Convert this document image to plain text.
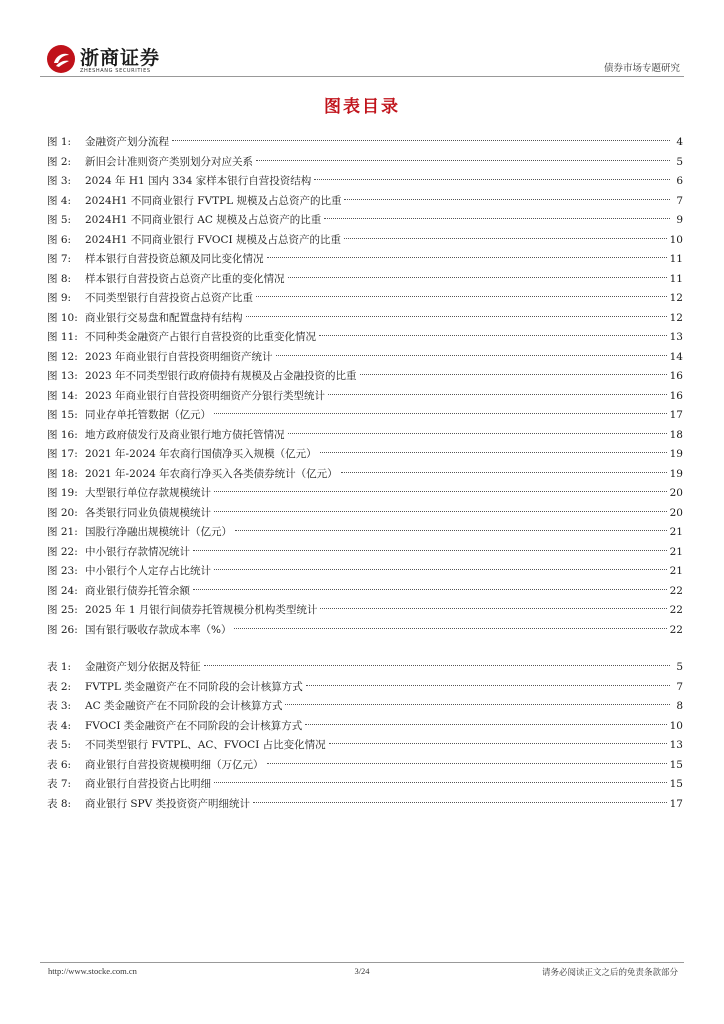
浙商证券
ZHESHANG SECURITIES	债券市场专题研究
图表目录
图 1:	金融资产划分流程	4
图 2:	新旧会计准则资产类别划分对应关系	5
图 3:	2024 年 H1 国内 334 家样本银行自营投资结构	6
图 4:	2024H1 不同商业银行 FVTPL 规模及占总资产的比重	7
图 5:	2024H1 不同商业银行 AC 规模及占总资产的比重	9
图 6:	2024H1 不同商业银行 FVOCI 规模及占总资产的比重	10
图 7:	样本银行自营投资总额及同比变化情况	11
图 8:	样本银行自营投资占总资产比重的变化情况	11
图 9:	不同类型银行自营投资占总资产比重	12
图 10: 商业银行交易盘和配置盘持有结构	12
图 11: 不同种类金融资产占银行自营投资的比重变化情况	13
图 12: 2023 年商业银行自营投资明细资产统计	14
图 13: 2023 年不同类型银行政府债持有规模及占金融投资的比重	16
图 14: 2023 年商业银行自营投资明细资产分银行类型统计	16
图 15: 同业存单托管数据（亿元）	17
图 16: 地方政府债发行及商业银行地方债托管情况	18
图 17: 2021 年-2024 年农商行国债净买入规模（亿元）	19
图 18: 2021 年-2024 年农商行净买入各类债券统计（亿元）	19
图 19: 大型银行单位存款规模统计	20
图 20: 各类银行同业负债规模统计	20
图 21: 国股行净融出规模统计（亿元）	21
图 22: 中小银行存款情况统计	21
图 23: 中小银行个人定存占比统计	21
图 24: 商业银行债券托管余额	22
图 25: 2025 年 1 月银行间债券托管规模分机构类型统计	22
图 26: 国有银行吸收存款成本率（%）	22
表 1:	金融资产划分依据及特征	5
表 2:	FVTPL 类金融资产在不同阶段的会计核算方式	7
表 3:	AC 类金融资产在不同阶段的会计核算方式	8
表 4:	FVOCI 类金融资产在不同阶段的会计核算方式	10
表 5:	不同类型银行 FVTPL、AC、FVOCI 占比变化情况	13
表 6:	商业银行自营投资规模明细（万亿元）	15
表 7:	商业银行自营投资占比明细	15
表 8:	商业银行 SPV 类投资资产明细统计	17
http://www.stocke.com.cn	3/24	请务必阅读正文之后的免责条款部分
